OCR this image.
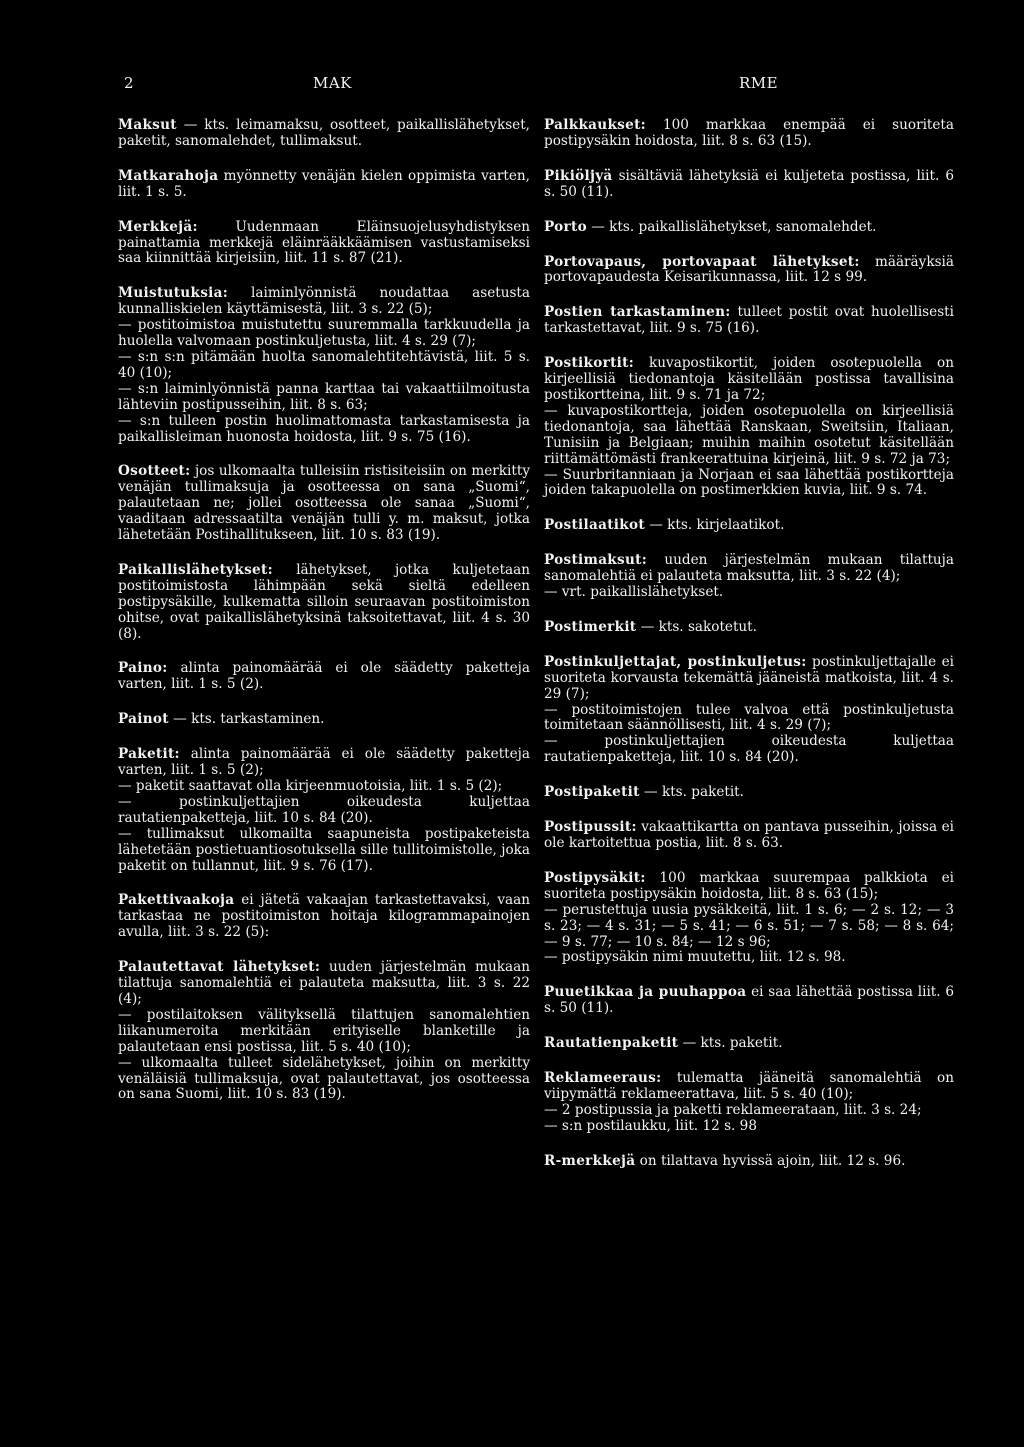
2	MAK	RME

Maksut — kts. leimamaksu, osotteet, paikallislähetykset, paketit, sanomalehdet, tullimaksut.

Matkarahoja myönnetty venäjän kielen oppimista varten, liit. 1 s. 5.

Merkkejä: Uudenmaan Eläinsuojelusyhdistyksen painattamia merkkejä eläinrääkkäämisen vastustamiseksi saa kiinnittää kirjeisiin, liit. 11 s. 87 (21).

Muistutuksia: laiminlyönnistä noudattaa asetusta kunnalliskielen käyttämisestä, liit. 3 s. 22 (5);

— postitoimistoa muistutettu suuremmalla tarkkuudella ja huolella valvomaan postinkuljetusta, liit. 4 s. 29 (7);

— s:n s:n pitämään huolta sanomalehtitehtävistä, liit. 5 s. 40 (10);

— s:n laiminlyönnistä panna karttaa tai vakaattiilmoitusta lähteviin postipusseihin, liit. 8 s. 63;

— s:n tulleen postin huolimattomasta tarkastamisesta ja paikallisleiman huonosta hoidosta, liit. 9 s. 75 (16).

Osotteet: jos ulkomaalta tulleisiin ristisiteisiin on merkitty venäjän tullimaksuja ja osotteessa on sana „Suomi“, palautetaan ne; jollei osotteessa ole sanaa „Suomi“, vaaditaan adressaatilta venäjän tulli y. m. maksut, jotka lähetetään Postihallitukseen, liit. 10 s. 83 (19).

Paikallislähetykset: lähetykset, jotka kuljetetaan postitoimistosta lähimpään sekä sieltä edelleen postipysäkille, kulkematta silloin seuraavan postitoimiston ohitse, ovat paikallislähetyksinä taksoitettavat, liit. 4 s. 30 (8).

Paino: alinta painomäärää ei ole säädetty paketteja varten, liit. 1 s. 5 (2).

Painot — kts. tarkastaminen.

Paketit: alinta painomäärää ei ole säädetty paketteja varten, liit. 1 s. 5 (2);

— paketit saattavat olla kirjeenmuotoisia, liit. 1 s. 5 (2);

— postinkuljettajien oikeudesta kuljettaa rautatienpaketteja, liit. 10 s. 84 (20).

— tullimaksut ulkomailta saapuneista postipaketeista lähetetään postietuantiosotuksella sille tullitoimistolle, joka paketit on tullannut, liit. 9 s. 76 (17).

Pakettivaakoja ei jätetä vakaajan tarkastettavaksi, vaan tarkastaa ne postitoimiston hoitaja kilogrammapainojen avulla, liit. 3 s. 22 (5):

Palautettavat lähetykset: uuden järjestelmän mukaan tilattuja sanomalehtiä ei palauteta maksutta, liit. 3 s. 22 (4);

— postilaitoksen välityksellä tilattujen sanomalehtien liikanumeroita merkitään erityiselle blanketille ja palautetaan ensi postissa, liit. 5 s. 40 (10);

— ulkomaalta tulleet sidelähetykset, joihin on merkitty venäläisiä tullimaksuja, ovat palautettavat, jos osotteessa on sana Suomi, liit. 10 s. 83 (19).

Palkkaukset: 100 markkaa enempää ei suoriteta postipysäkin hoidosta, liit. 8 s. 63 (15).

Pikiöljyä sisältäviä lähetyksiä ei kuljeteta postissa, liit. 6 s. 50 (11).

Porto — kts. paikallislähetykset, sanomalehdet.

Portovapaus, portovapaat lähetykset: määräyksiä portovapaudesta Keisarikunnassa, liit. 12 s 99.

Postien tarkastaminen: tulleet postit ovat huolellisesti tarkastettavat, liit. 9 s. 75 (16).

Postikortit: kuvapostikortit, joiden osotepuolella on kirjeellisiä tiedonantoja käsitellään postissa tavallisina postikortteina, liit. 9 s. 71 ja 72;

— kuvapostikortteja, joiden osotepuolella on kirjeellisiä tiedonantoja, saa lähettää Ranskaan, Sweitsiin, Italiaan, Tunisiin ja Belgiaan; muihin maihin osotetut käsitellään riittämättömästi frankeerattuina kirjeinä, liit. 9 s. 72 ja 73;

— Suurbritanniaan ja Norjaan ei saa lähettää postikortteja joiden takapuolella on postimerkkien kuvia, liit. 9 s. 74.

Postilaatikot — kts. kirjelaatikot.

Postimaksut: uuden järjestelmän mukaan tilattuja sanomalehtiä ei palauteta maksutta, liit. 3 s. 22 (4);

— vrt. paikallislähetykset.

Postimerkit — kts. sakotetut.

Postinkuljettajat, postinkuljetus: postinkuljettajalle ei suoriteta korvausta tekemättä jääneistä matkoista, liit. 4 s. 29 (7);

— postitoimistojen tulee valvoa että postinkuljetusta toimitetaan säännöllisesti, liit. 4 s. 29 (7);

— postinkuljettajien oikeudesta kuljettaa rautatienpaketteja, liit. 10 s. 84 (20).

Postipaketit — kts. paketit.

Postipussit: vakaattikartta on pantava pusseihin, joissa ei ole kartoitettua postia, liit. 8 s. 63.

Postipysäkit: 100 markkaa suurempaa palkkiota ei suoriteta postipysäkin hoidosta, liit. 8 s. 63 (15);

— perustettuja uusia pysäkkeitä, liit. 1 s. 6; — 2 s. 12; — 3 s. 23; — 4 s. 31; — 5 s. 41; — 6 s. 51; — 7 s. 58; — 8 s. 64; — 9 s. 77; — 10 s. 84; — 12 s 96;

— postipysäkin nimi muutettu, liit. 12 s. 98.

Puuetikkaa ja puuhappoa ei saa lähettää postissa liit. 6 s. 50 (11).

Rautatienpaketit — kts. paketit.

Reklameeraus: tulematta jääneitä sanomalehtiä on viipymättä reklameerattava, liit. 5 s. 40 (10);

— 2 postipussia ja paketti reklameerataan, liit. 3 s. 24;

— s:n postilaukku, liit. 12 s. 98

R-merkkejä on tilattava hyvissä ajoin, liit. 12 s. 96.
